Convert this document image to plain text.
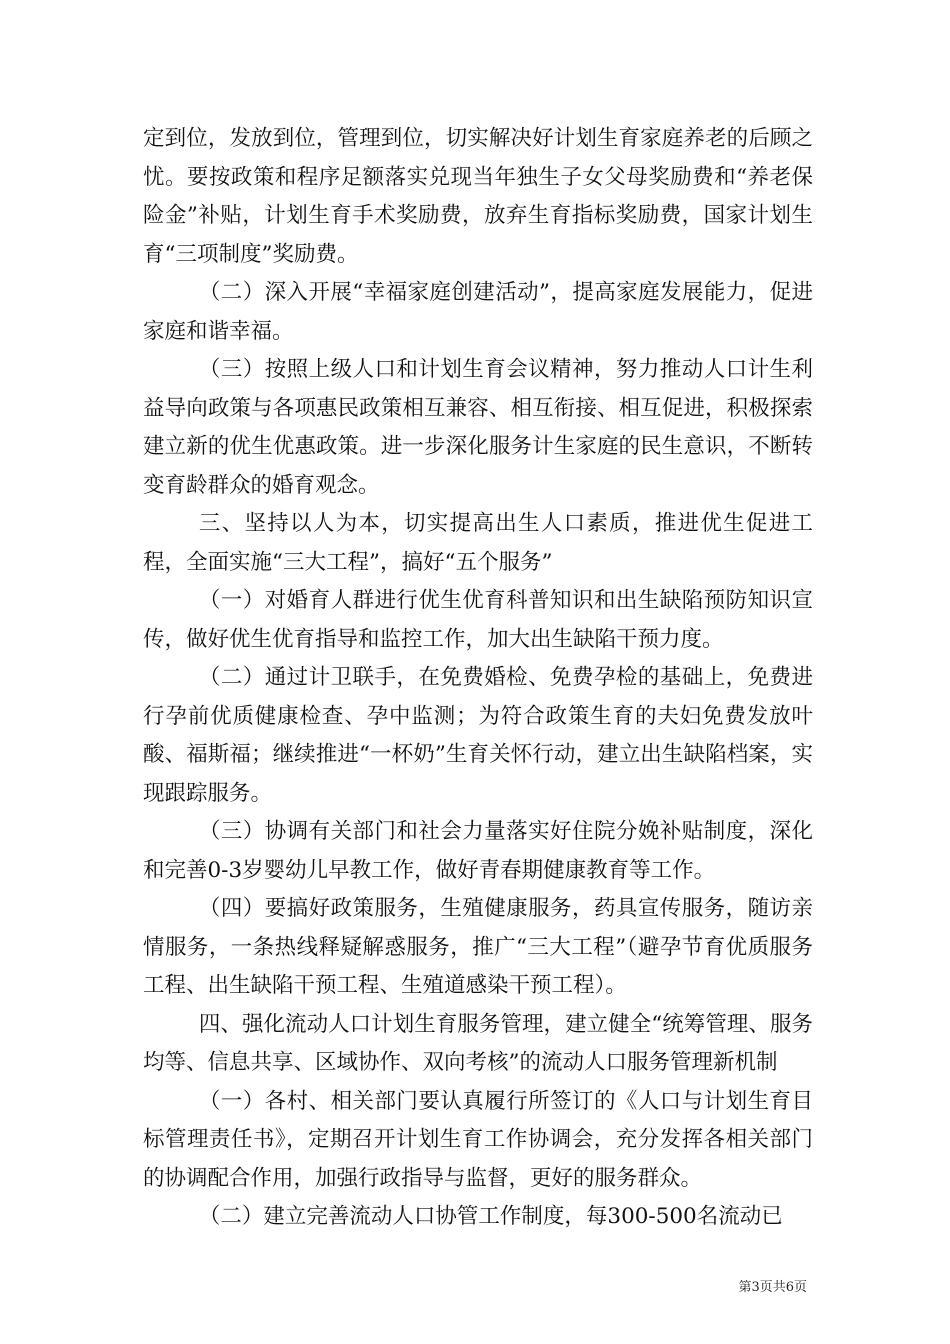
定到位，发放到位，管理到位，切实解决好计划生育家庭养老的后顾之忧。要按政策和程序足额落实兑现当年独生子女父母奖励费和“养老保险金”补贴，计划生育手术奖励费，放弃生育指标奖励费，国家计划生育“三项制度”奖励费。

（二）深入开展“幸福家庭创建活动”，提高家庭发展能力，促进家庭和谐幸福。

（三）按照上级人口和计划生育会议精神，努力推动人口计生利益导向政策与各项惠民政策相互兼容、相互衔接、相互促进，积极探索建立新的优生优惠政策。进一步深化服务计生家庭的民生意识，不断转变育龄群众的婚育观念。

三、坚持以人为本，切实提高出生人口素质，推进优生促进工程，全面实施“三大工程”，搞好“五个服务”

（一）对婚育人群进行优生优育科普知识和出生缺陷预防知识宣传，做好优生优育指导和监控工作，加大出生缺陷干预力度。

（二）通过计卫联手，在免费婚检、免费孕检的基础上，免费进行孕前优质健康检查、孕中监测；为符合政策生育的夫妇免费发放叶酸、福斯福；继续推进“一杯奶”生育关怀行动，建立出生缺陷档案，实现跟踪服务。

（三）协调有关部门和社会力量落实好住院分娩补贴制度，深化和完善0-3岁婴幼儿早教工作，做好青春期健康教育等工作。

（四）要搞好政策服务，生殖健康服务，药具宣传服务，随访亲情服务，一条热线释疑解惑服务，推广“三大工程”（避孕节育优质服务工程、出生缺陷干预工程、生殖道感染干预工程）。

四、强化流动人口计划生育服务管理，建立健全“统筹管理、服务均等、信息共享、区域协作、双向考核”的流动人口服务管理新机制

（一）各村、相关部门要认真履行所签订的《人口与计划生育目标管理责任书》，定期召开计划生育工作协调会，充分发挥各相关部门的协调配合作用，加强行政指导与监督，更好的服务群众。

（二）建立完善流动人口协管工作制度，每300-500名流动已

第3页共6页
